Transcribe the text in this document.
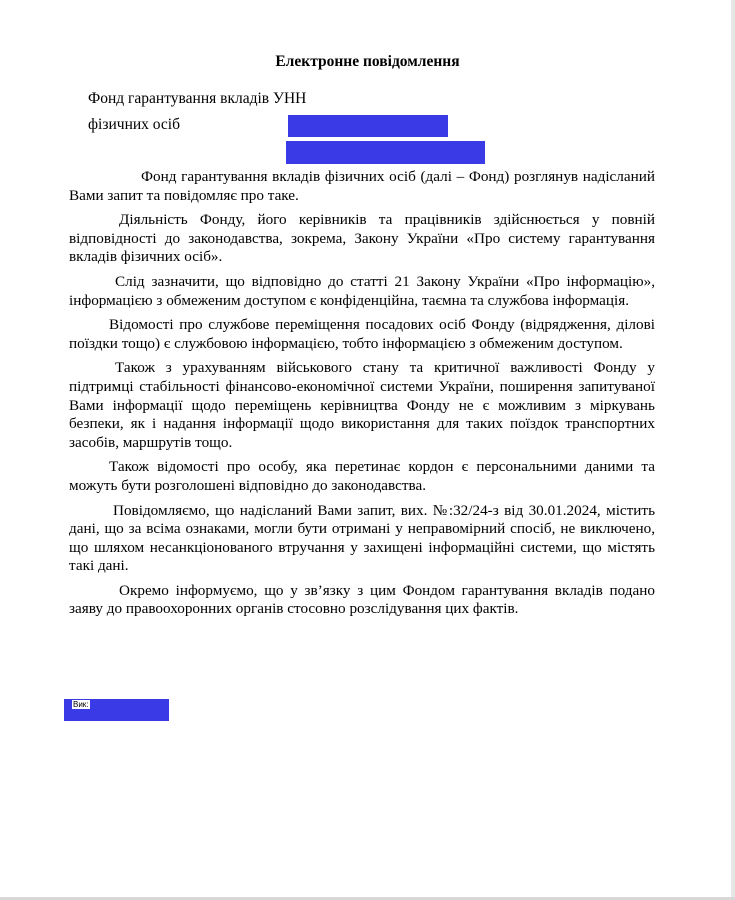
Електронне повідомлення
Фонд гарантування вкладів УНН
фізичних осіб

Фонд гарантування вкладів фізичних осіб (далі – Фонд) розглянув надісланий Вами запит та повідомляє про таке.

Діяльність Фонду, його керівників та працівників здійснюється у повній відповідності до законодавства, зокрема, Закону України «Про систему гарантування вкладів фізичних осіб».

Слід зазначити, що відповідно до статті 21 Закону України «Про інформацію», інформацією з обмеженим доступом є конфіденційна, таємна та службова інформація.

Відомості про службове переміщення посадових осіб Фонду (відрядження, ділові поїздки тощо) є службовою інформацією, тобто інформацією з обмеженим доступом.

Також з урахуванням військового стану та критичної важливості Фонду у підтримці стабільності фінансово-економічної системи України, поширення запитуваної Вами інформації щодо переміщень керівництва Фонду не є можливим з міркувань безпеки, як і надання інформації щодо використання для таких поїздок транспортних засобів, маршрутів тощо.

Також відомості про особу, яка перетинає кордон є персональними даними та можуть бути розголошені відповідно до законодавства.

Повідомляємо, що надісланий Вами запит, вих. №:32/24-з від 30.01.2024, містить дані, що за всіма ознаками, могли бути отримані у неправомірний спосіб, не виключено, що шляхом несанкціонованого втручання у захищені інформаційні системи, що містять такі дані.

Окремо інформуємо, що у зв’язку з цим Фондом гарантування вкладів подано заяву до правоохоронних органів стосовно розслідування цих фактів.

Вик:
